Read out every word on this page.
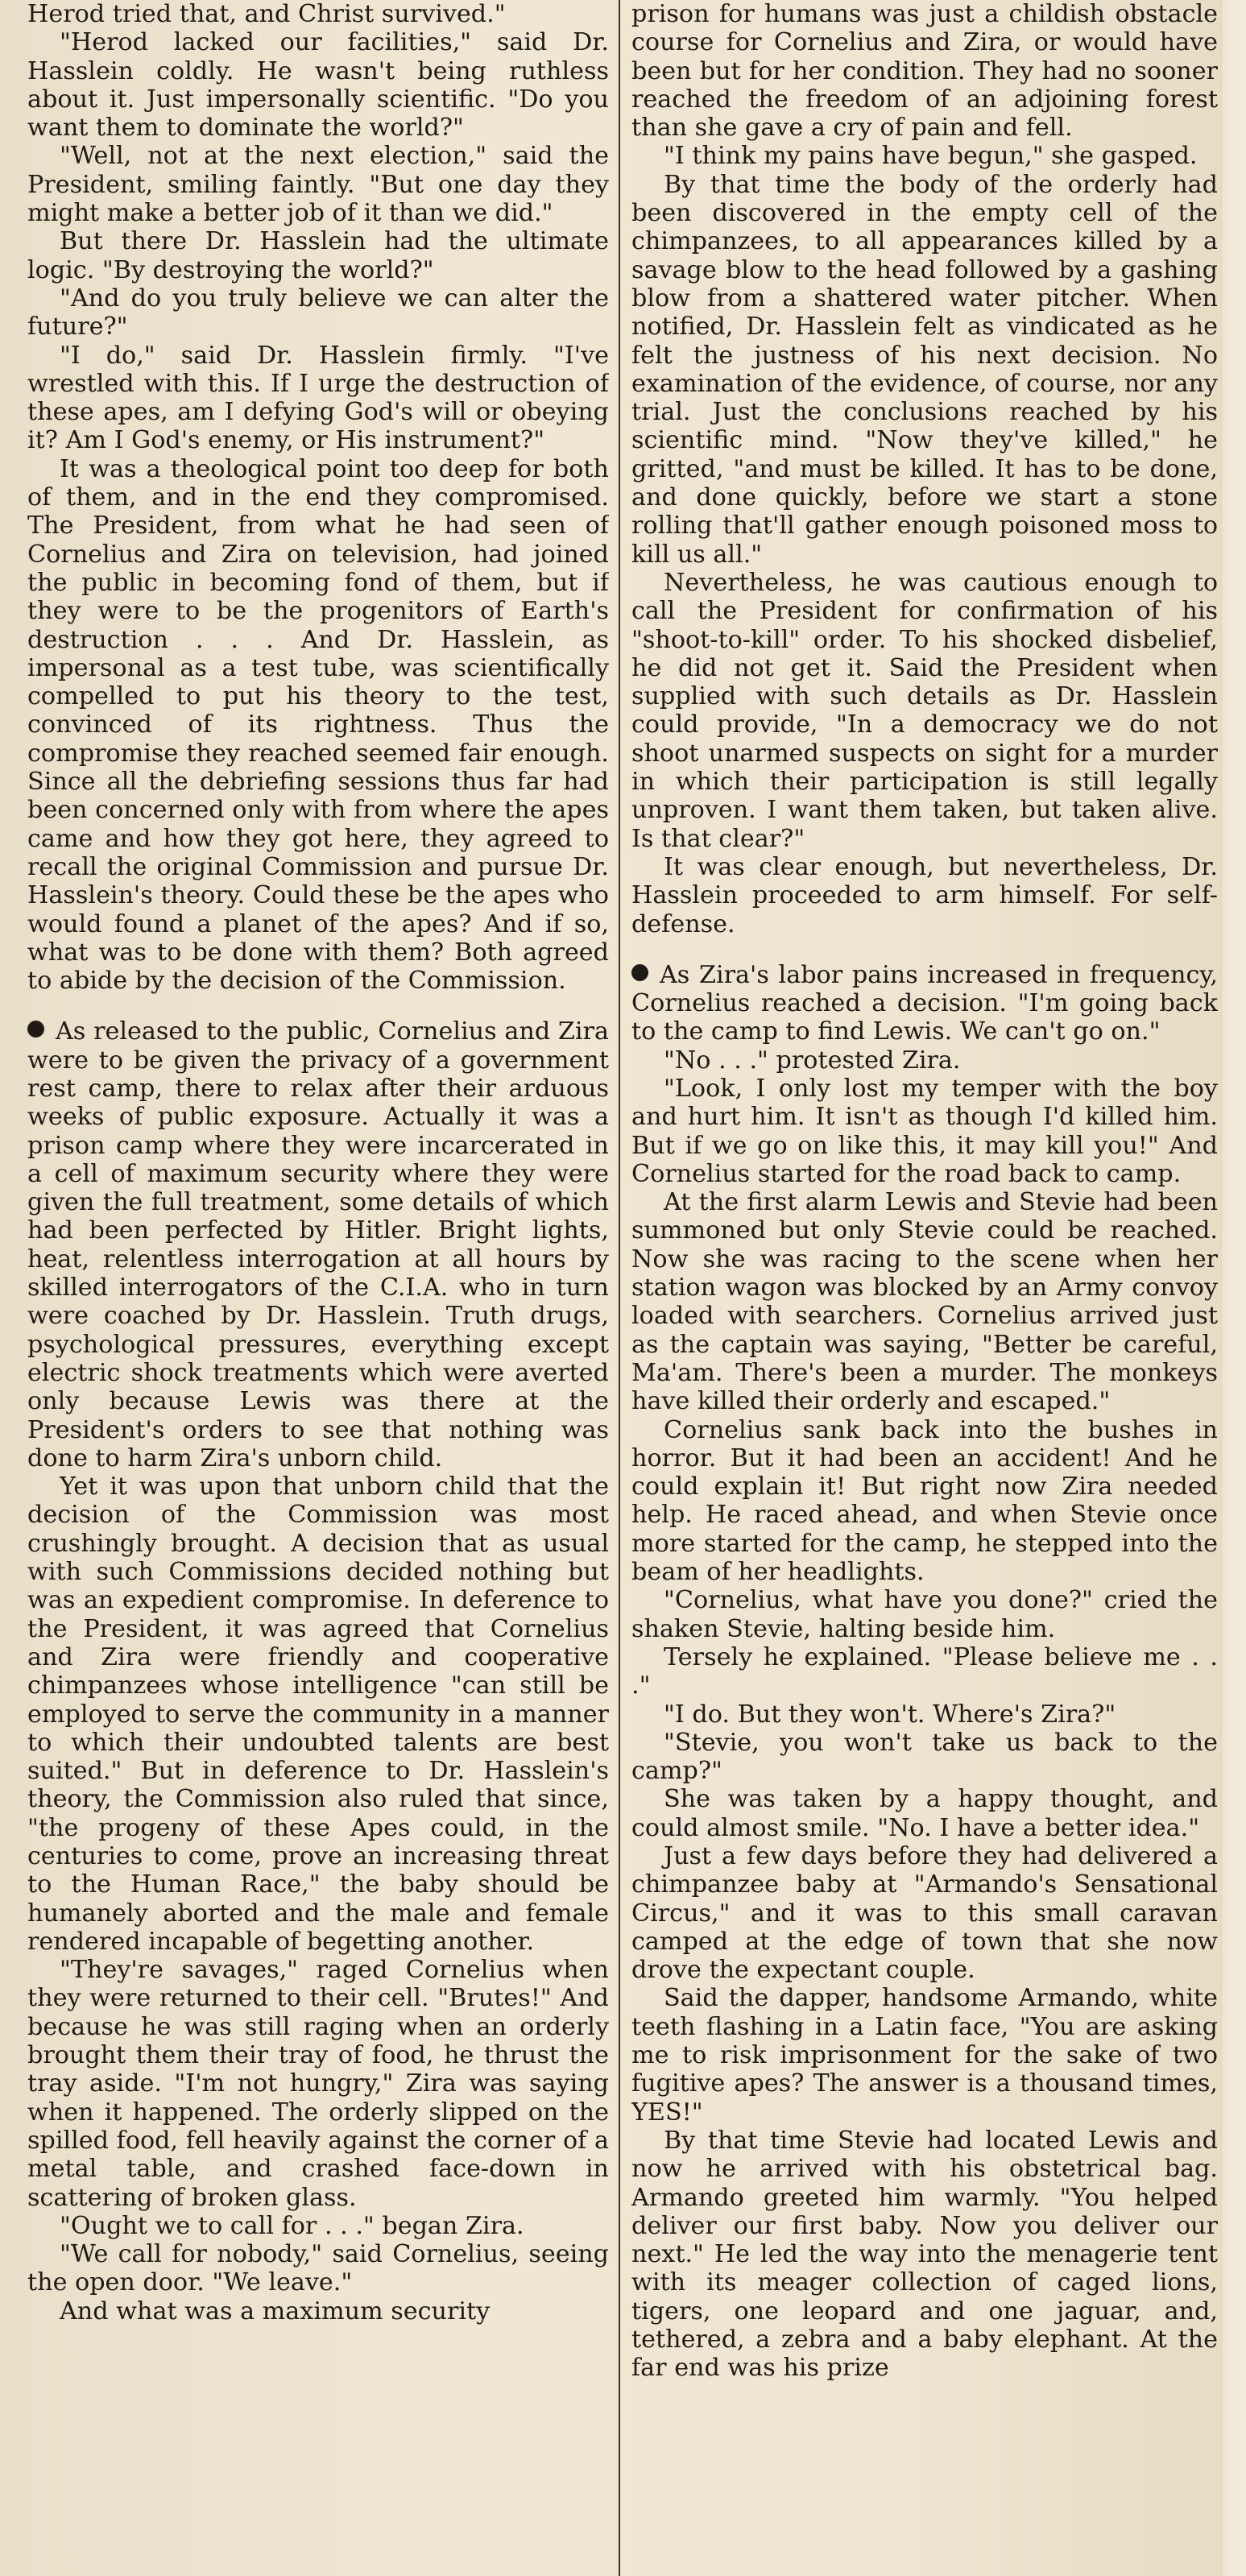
Herod tried that, and Christ survived."

"Herod lacked our facilities," said Dr. Hasslein coldly. He wasn't being ruthless about it. Just impersonally scientific. "Do you want them to dominate the world?"

"Well, not at the next election," said the President, smiling faintly. "But one day they might make a better job of it than we did."

But there Dr. Hasslein had the ultimate logic. "By destroying the world?"

"And do you truly believe we can alter the future?"

"I do," said Dr. Hasslein firmly. "I've wrestled with this. If I urge the destruction of these apes, am I defying God's will or obeying it? Am I God's enemy, or His instrument?"

It was a theological point too deep for both of them, and in the end they compromised. The President, from what he had seen of Cornelius and Zira on television, had joined the public in becoming fond of them, but if they were to be the progenitors of Earth's destruction . . . And Dr. Hasslein, as impersonal as a test tube, was scientifically compelled to put his theory to the test, convinced of its rightness. Thus the compromise they reached seemed fair enough. Since all the debriefing sessions thus far had been concerned only with from where the apes came and how they got here, they agreed to recall the original Commission and pursue Dr. Hasslein's theory. Could these be the apes who would found a planet of the apes? And if so, what was to be done with them? Both agreed to abide by the decision of the Commission.

As released to the public, Cornelius and Zira were to be given the privacy of a government rest camp, there to relax after their arduous weeks of public exposure. Actually it was a prison camp where they were incarcerated in a cell of maximum security where they were given the full treatment, some details of which had been perfected by Hitler. Bright lights, heat, relentless interrogation at all hours by skilled interrogators of the C.I.A. who in turn were coached by Dr. Hasslein. Truth drugs, psychological pressures, everything except electric shock treatments which were averted only because Lewis was there at the President's orders to see that nothing was done to harm Zira's unborn child.

Yet it was upon that unborn child that the decision of the Commission was most crushingly brought. A decision that as usual with such Commissions decided nothing but was an expedient compromise. In deference to the President, it was agreed that Cornelius and Zira were friendly and cooperative chimpanzees whose intelligence "can still be employed to serve the community in a manner to which their undoubted talents are best suited." But in deference to Dr. Hasslein's theory, the Commission also ruled that since, "the progeny of these Apes could, in the centuries to come, prove an increasing threat to the Human Race," the baby should be humanely aborted and the male and female rendered incapable of begetting another.

"They're savages," raged Cornelius when they were returned to their cell. "Brutes!" And because he was still raging when an orderly brought them their tray of food, he thrust the tray aside. "I'm not hungry," Zira was saying when it happened. The orderly slipped on the spilled food, fell heavily against the corner of a metal table, and crashed face-down in scattering of broken glass.

"Ought we to call for . . ." began Zira.

"We call for nobody," said Cornelius, seeing the open door. "We leave."

And what was a maximum security

prison for humans was just a childish obstacle course for Cornelius and Zira, or would have been but for her condition. They had no sooner reached the freedom of an adjoining forest than she gave a cry of pain and fell.

"I think my pains have begun," she gasped.

By that time the body of the orderly had been discovered in the empty cell of the chimpanzees, to all appearances killed by a savage blow to the head followed by a gashing blow from a shattered water pitcher. When notified, Dr. Hasslein felt as vindicated as he felt the justness of his next decision. No examination of the evidence, of course, nor any trial. Just the conclusions reached by his scientific mind. "Now they've killed," he gritted, "and must be killed. It has to be done, and done quickly, before we start a stone rolling that'll gather enough poisoned moss to kill us all."

Nevertheless, he was cautious enough to call the President for confirmation of his "shoot-to-kill" order. To his shocked disbelief, he did not get it. Said the President when supplied with such details as Dr. Hasslein could provide, "In a democracy we do not shoot unarmed suspects on sight for a murder in which their participation is still legally unproven. I want them taken, but taken alive. Is that clear?"

It was clear enough, but nevertheless, Dr. Hasslein proceeded to arm himself. For self-defense.

As Zira's labor pains increased in frequency, Cornelius reached a decision. "I'm going back to the camp to find Lewis. We can't go on."

"No . . ." protested Zira.

"Look, I only lost my temper with the boy and hurt him. It isn't as though I'd killed him. But if we go on like this, it may kill you!" And Cornelius started for the road back to camp.

At the first alarm Lewis and Stevie had been summoned but only Stevie could be reached. Now she was racing to the scene when her station wagon was blocked by an Army convoy loaded with searchers. Cornelius arrived just as the captain was saying, "Better be careful, Ma'am. There's been a murder. The monkeys have killed their orderly and escaped."

Cornelius sank back into the bushes in horror. But it had been an accident! And he could explain it! But right now Zira needed help. He raced ahead, and when Stevie once more started for the camp, he stepped into the beam of her headlights.

"Cornelius, what have you done?" cried the shaken Stevie, halting beside him.

Tersely he explained. "Please believe me . . ."

"I do. But they won't. Where's Zira?"

"Stevie, you won't take us back to the camp?"

She was taken by a happy thought, and could almost smile. "No. I have a better idea."

Just a few days before they had delivered a chimpanzee baby at "Armando's Sensational Circus," and it was to this small caravan camped at the edge of town that she now drove the expectant couple.

Said the dapper, handsome Armando, white teeth flashing in a Latin face, "You are asking me to risk imprisonment for the sake of two fugitive apes? The answer is a thousand times, YES!"

By that time Stevie had located Lewis and now he arrived with his obstetrical bag. Armando greeted him warmly. "You helped deliver our first baby. Now you deliver our next." He led the way into the menagerie tent with its meager collection of caged lions, tigers, one leopard and one jaguar, and, tethered, a zebra and a baby elephant. At the far end was his prize
